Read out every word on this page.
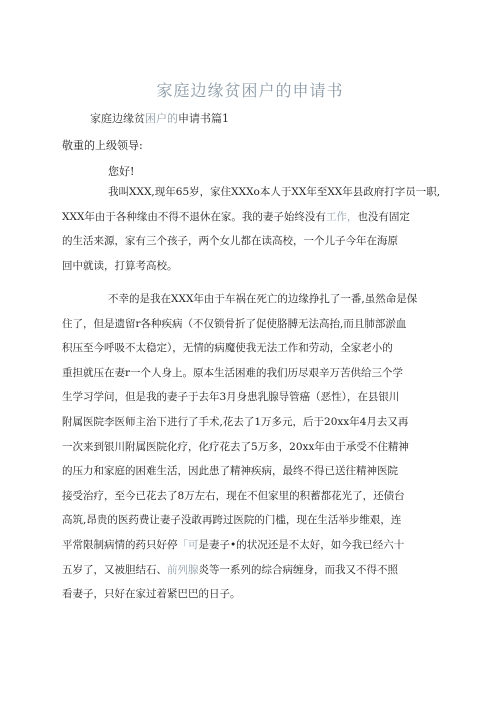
家庭边缘贫困户的申请书
家庭边缘贫困户的申请书篇1
敬重的上级领导:
您好!

我叫XXX,现年65岁，家住XXXo本人于XX年至XX年县政府打字员一职,
XXX年由于各种缘由不得不退休在家。我的妻子始终没有工作，也没有固定
的生活来源，家有三个孩子，两个女儿都在读高校，一个儿子今年在海原
回中就读，打算考高校。

不幸的是我在XXX年由于车祸在死亡的边缘挣扎了一番,虽然命是保
住了，但是遗留r各种疾病（不仅锁骨折了促使胳膊无法高抬,而且肺部淤血
积压至今呼吸不太稳定），无情的病魔使我无法工作和劳动，全家老小的
重担就压在妻r一个人身上。原本生活困难的我们历尽艰辛万苦供给三个学
生学习学问，但是我的妻子于去年3月身患乳腺导管癌（恶性），在县银川
附属医院李医师主治下进行了手术,花去了1万多元，后于20xx年4月去又再
一次来到银川附属医院化疗，化疗花去了5万多，20xx年由于承受不住精神
的压力和家庭的困难生活，因此患了精神疾病，最终不得已送往精神医院
接受治疗，至今已花去了8万左右，现在不但家里的积蓄都花光了，还债台
高筑,昂贵的医药费让妻子没敢再跨过医院的门槛，现在生活举步维艰，连
平常限制病情的药只好停「可是妻子•的状况还是不太好，如今我已经六十
五岁了，又被胆结石、前列腺炎等一系列的综合病缠身，而我又不得不照
看妻子，只好在家过着紧巴巴的日子。
